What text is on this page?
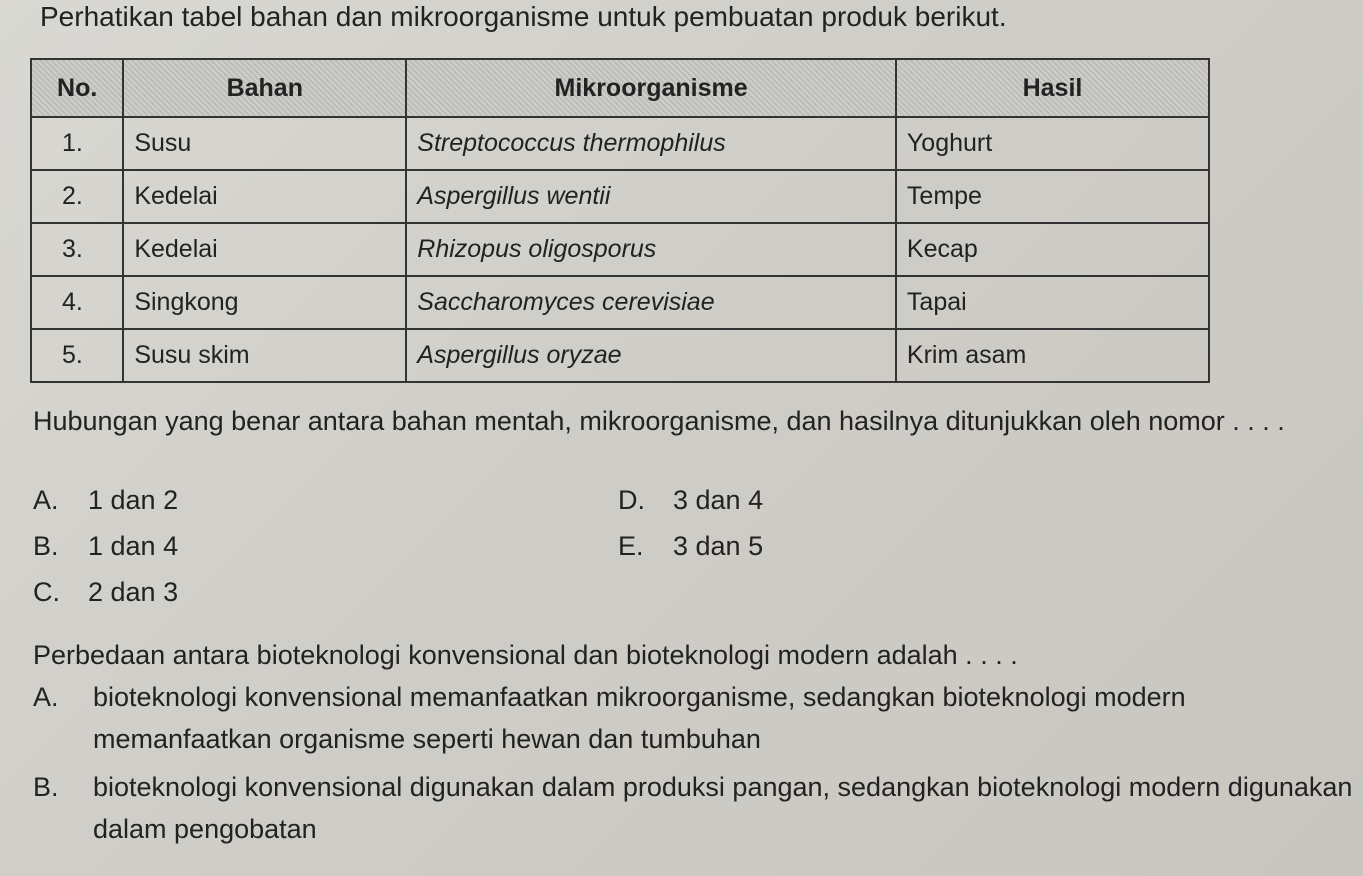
Perhatikan tabel bahan dan mikroorganisme untuk pembuatan produk berikut.

No.	Bahan	Mikroorganisme	Hasil
1.	Susu	Streptococcus thermophilus	Yoghurt
2.	Kedelai	Aspergillus wentii	Tempe
3.	Kedelai	Rhizopus oligosporus	Kecap
4.	Singkong	Saccharomyces cerevisiae	Tapai
5.	Susu skim	Aspergillus oryzae	Krim asam

Hubungan yang benar antara bahan mentah, mikroorganisme, dan hasilnya ditunjukkan oleh nomor . . . .

A. 1 dan 2
B. 1 dan 4
C. 2 dan 3
D. 3 dan 4
E. 3 dan 5

Perbedaan antara bioteknologi konvensional dan bioteknologi modern adalah . . . .

A.	bioteknologi konvensional memanfaatkan mikroorganisme, sedangkan bioteknologi modern memanfaatkan organisme seperti hewan dan tumbuhan
B.	bioteknologi konvensional digunakan dalam produksi pangan, sedangkan bioteknologi modern digunakan dalam pengobatan
